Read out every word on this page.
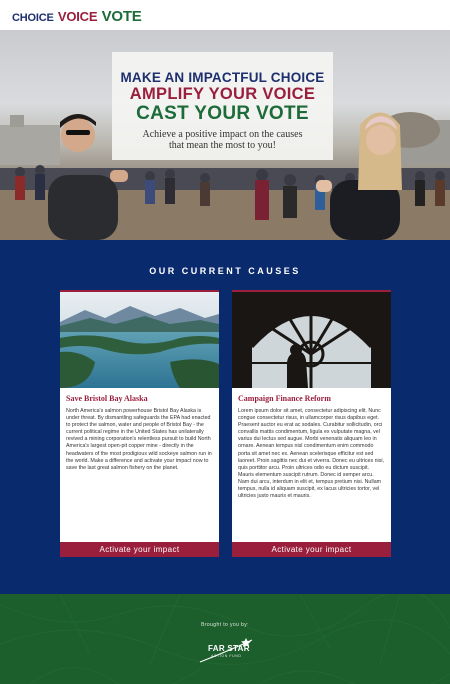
CHOICE VOICE VOTE
MAKE AN IMPACTFUL CHOICE
AMPLIFY YOUR VOICE
CAST YOUR VOTE
Achieve a positive impact on the causes
that mean the most to you!
OUR CURRENT CAUSES
Save Bristol Bay Alaska
North America's salmon powerhouse Bristol Bay Alaska is under threat. By dismantling safeguards the EPA had enacted to protect the salmon, water and people of Bristol Bay - the current political regime in the United States has unilaterally revived a mining corporation's relentless pursuit to build North America's largest open-pit copper mine - directly in the headwaters of the most prodigious wild sockeye salmon run in the world. Make a difference and activate your impact now to save the last great salmon fishery on the planet.
Activate your impact
Campaign Finance Reform
Lorem ipsum dolor sit amet, consectetur adipiscing elit. Nunc congue consectetur risus, in ullamcorper risus dapibus eget. Praesent auctor eu erat ac sodales. Curabitur sollicitudin, orci convallis mattis condimentum, ligula ex vulputate magna, vel varius dui lectus sed augue. Morbi venenatis aliquam leo in ornare. Aenean tempus nisl condimentum enim commodo porta sit amet nec ex. Aenean scelerisque efficitur est sed laoreet. Proin sagittis nec dui et viverra. Donec eu ultrices nisi, quis porttitor arcu. Proin ultrices odio eu dictum suscipit. Mauris elementum suscipit rutrum. Donec id semper arcu. Nam dui arcu, interdum in elit et, tempus pretium nisi. Nullam tempus, nulla id aliquam suscipit, ex lacus ultricies tortor, vel ultricies justo mauris et mauris.
Activate your impact
Brought to you by:
FAR STAR
ACTION FUND
